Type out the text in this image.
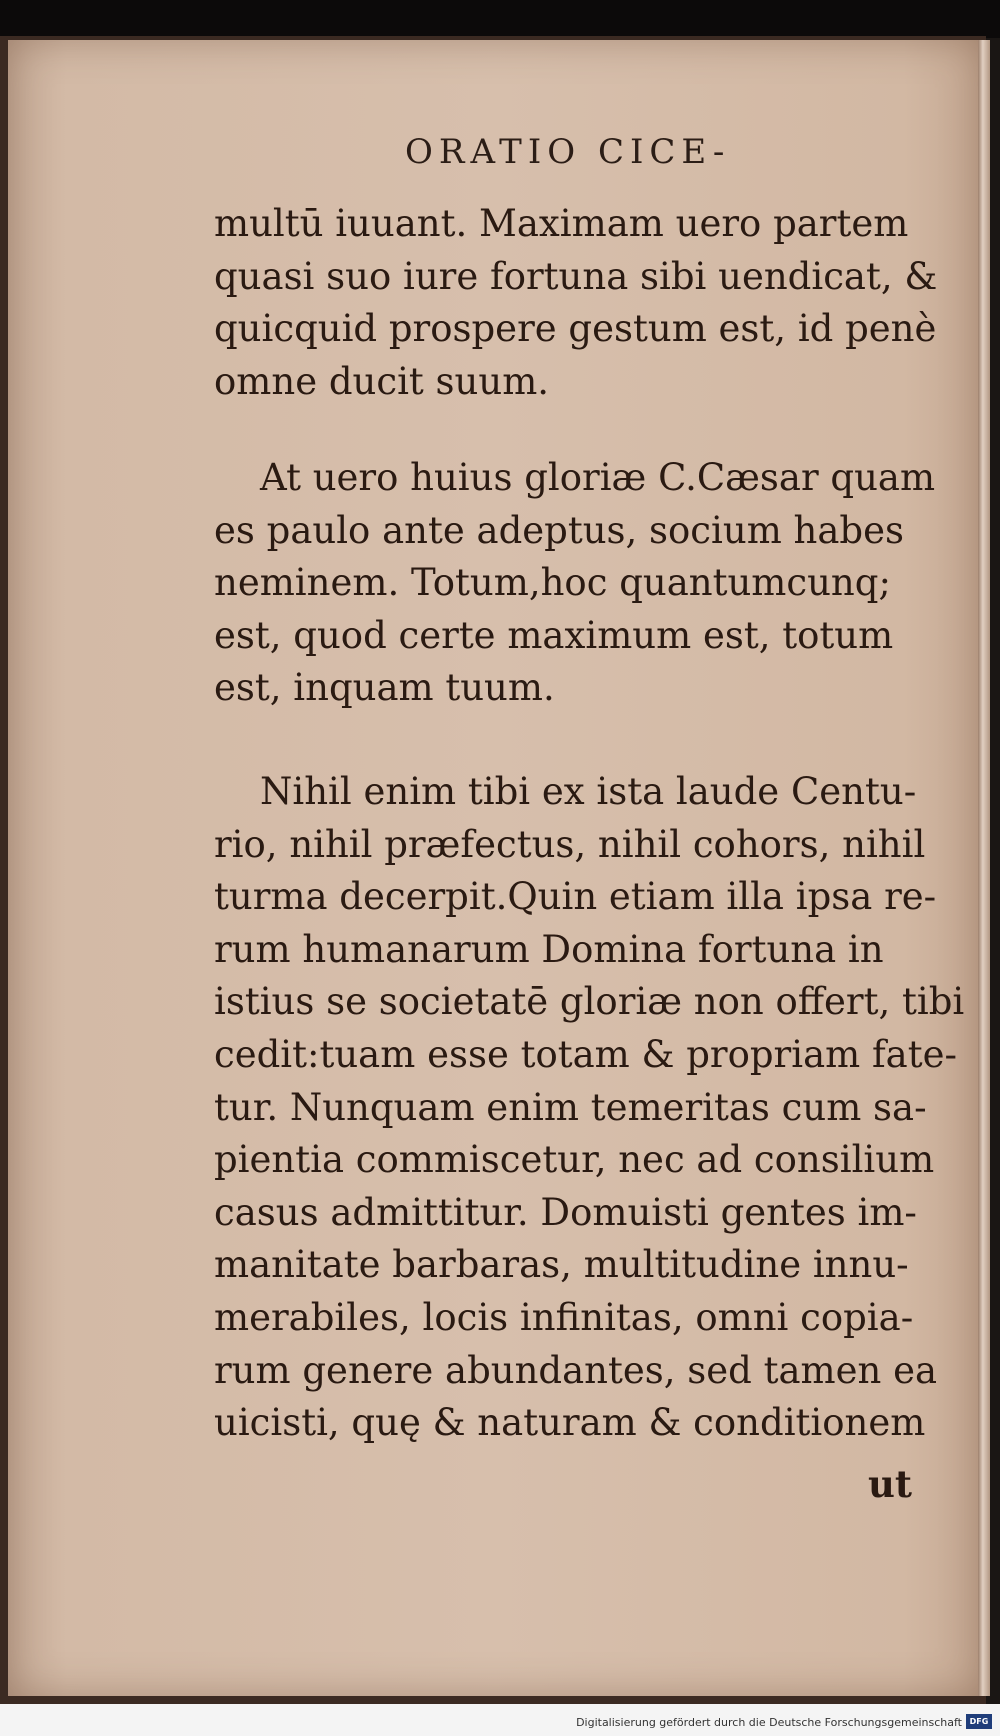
ORATIO CICE-
multū iuuant. Maximam uero partem
quasi suo iure fortuna sibi uendicat, &
quicquid prospere gestum est, id penè
omne ducit suum.
At uero huius gloriæ C.Cæsar quam
es paulo ante adeptus, socium habes
neminem. Totum,hoc quantumcunq;
est, quod certe maximum est, totum
est, inquam tuum.
Nihil enim tibi ex ista laude Centu-
rio, nihil præfectus, nihil cohors, nihil
turma decerpit.Quin etiam illa ipsa re-
rum humanarum Domina fortuna in
istius se societatē gloriæ non offert, tibi
cedit:tuam esse totam & propriam fate-
tur. Nunquam enim temeritas cum sa-
pientia commiscetur, nec ad consilium
casus admittitur. Domuisti gentes im-
manitate barbaras, multitudine innu-
merabiles, locis infinitas, omni copia-
rum genere abundantes, sed tamen ea
uicisti, quę & naturam & conditionem
ut
Digitalisierung gefördert durch die Deutsche Forschungsgemeinschaft DFG
